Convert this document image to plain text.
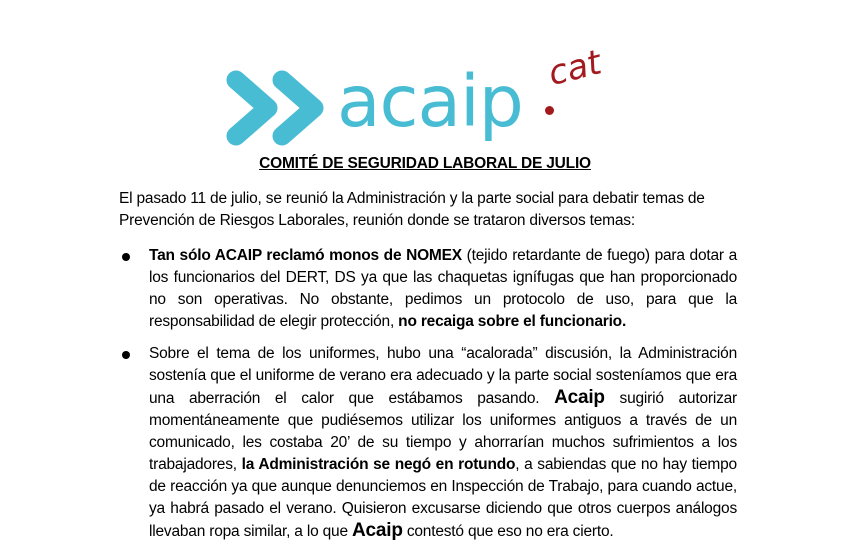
acaip cat
COMITÉ DE SEGURIDAD LABORAL DE JULIO
El pasado 11 de julio, se reunió la Administración y la parte social para debatir temas de Prevención de Riesgos Laborales, reunión donde se trataron diversos temas:
Tan sólo ACAIP reclamó monos de NOMEX (tejido retardante de fuego) para dotar a los funcionarios del DERT, DS ya que las chaquetas ignífugas que han proporcionado no son operativas. No obstante, pedimos un protocolo de uso, para que la responsabilidad de elegir protección, no recaiga sobre el funcionario.
Sobre el tema de los uniformes, hubo una “acalorada” discusión, la Administración sostenía que el uniforme de verano era adecuado y la parte social sosteníamos que era una aberración el calor que estábamos pasando. Acaip sugirió autorizar momentáneamente que pudiésemos utilizar los uniformes antiguos a través de un comunicado, les costaba 20’ de su tiempo y ahorrarían muchos sufrimientos a los trabajadores, la Administración se negó en rotundo, a sabiendas que no hay tiempo de reacción ya que aunque denunciemos en Inspección de Trabajo, para cuando actue, ya habrá pasado el verano. Quisieron excusarse diciendo que otros cuerpos análogos llevaban ropa similar, a lo que Acaip contestó que eso no era cierto.
